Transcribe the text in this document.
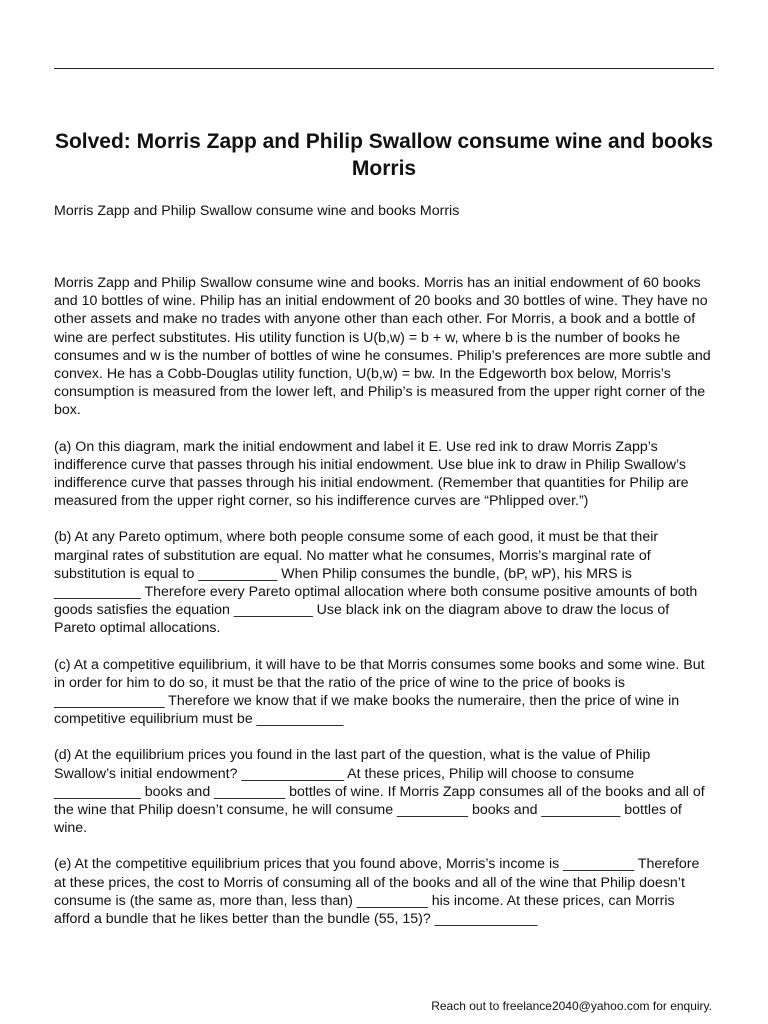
Solved: Morris Zapp and Philip Swallow consume wine and books Morris

Morris Zapp and Philip Swallow consume wine and books Morris

Morris Zapp and Philip Swallow consume wine and books. Morris has an initial endowment of 60 books and 10 bottles of wine. Philip has an initial endowment of 20 books and 30 bottles of wine. They have no other assets and make no trades with anyone other than each other. For Morris, a book and a bottle of wine are perfect substitutes. His utility function is U(b,w) = b + w, where b is the number of books he consumes and w is the number of bottles of wine he consumes. Philip’s preferences are more subtle and convex. He has a Cobb-Douglas utility function, U(b,w) = bw. In the Edgeworth box below, Morris’s consumption is measured from the lower left, and Philip’s is measured from the upper right corner of the box.

(a) On this diagram, mark the initial endowment and label it E. Use red ink to draw Morris Zapp’s indifference curve that passes through his initial endowment. Use blue ink to draw in Philip Swallow’s indifference curve that passes through his initial endowment. (Remember that quantities for Philip are measured from the upper right corner, so his indifference curves are “Phlipped over.”)

(b) At any Pareto optimum, where both people consume some of each good, it must be that their marginal rates of substitution are equal. No matter what he consumes, Morris’s marginal rate of substitution is equal to __________ When Philip consumes the bundle, (bP, wP), his MRS is ___________ Therefore every Pareto optimal allocation where both consume positive amounts of both goods satisfies the equation __________ Use black ink on the diagram above to draw the locus of Pareto optimal allocations.

(c) At a competitive equilibrium, it will have to be that Morris consumes some books and some wine. But in order for him to do so, it must be that the ratio of the price of wine to the price of books is ______________ Therefore we know that if we make books the numeraire, then the price of wine in competitive equilibrium must be ___________

(d) At the equilibrium prices you found in the last part of the question, what is the value of Philip Swallow’s initial endowment? _____________ At these prices, Philip will choose to consume ___________ books and _________ bottles of wine. If Morris Zapp consumes all of the books and all of the wine that Philip doesn’t consume, he will consume _________ books and __________ bottles of wine.

(e) At the competitive equilibrium prices that you found above, Morris’s income is _________ Therefore at these prices, the cost to Morris of consuming all of the books and all of the wine that Philip doesn’t consume is (the same as, more than, less than) _________ his income. At these prices, can Morris afford a bundle that he likes better than the bundle (55, 15)? _____________

Reach out to freelance2040@yahoo.com for enquiry.
